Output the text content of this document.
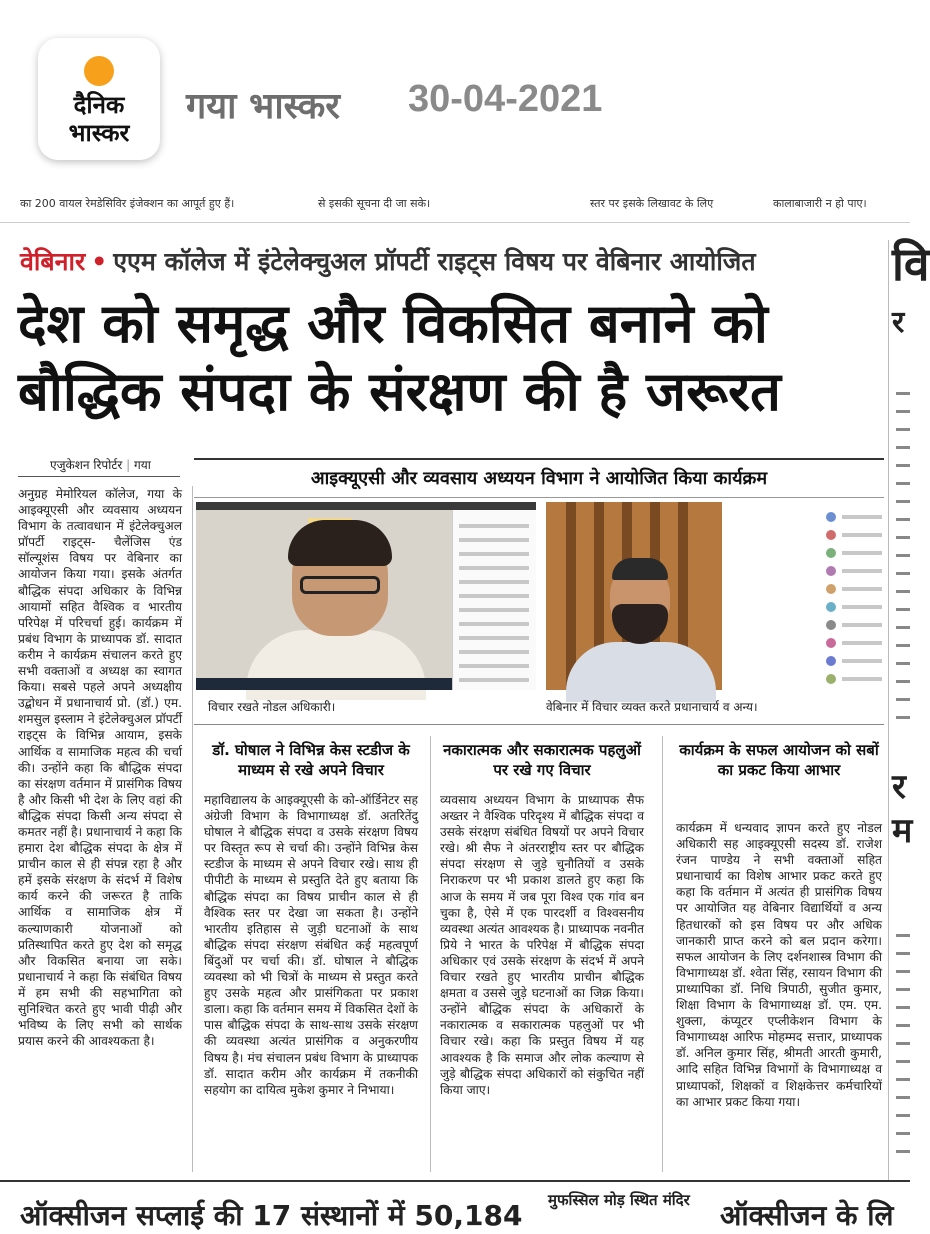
दैनिक
भास्कर
गया भास्कर 30-04-2021
का 200 वायल रेमडेसिविर इंजेक्शन का आपूर्त हुए हैं।	से इसकी सूचना दी जा सके।	स्तर पर इसके लिखावट के लिए	कालाबाजारी न हो पाए।
वेबिनार • एएम कॉलेज में इंटेलेक्चुअल प्रॉपर्टी राइट्स विषय पर वेबिनार आयोजित
देश को समृद्ध और विकसित बनाने को बौद्धिक संपदा के संरक्षण की है जरूरत
एजुकेशन रिपोर्टर | गया
आइक्यूएसी और व्यवसाय अध्ययन विभाग ने आयोजित किया कार्यक्रम
विचार रखते नोडल अधिकारी।	वेबिनार में विचार व्यक्त करते प्रधानाचार्य व अन्य।
अनुग्रह मेमोरियल कॉलेज, गया के आइक्यूएसी और व्यवसाय अध्ययन विभाग के तत्वावधान में इंटेलेक्चुअल प्रॉपर्टी राइट्स- चैलेंजिस एंड सॉल्यूशंस विषय पर वेबिनार का आयोजन किया गया। इसके अंतर्गत बौद्धिक संपदा अधिकार के विभिन्न आयामों सहित वैश्विक व भारतीय परिपेक्ष में परिचर्चा हुई। कार्यक्रम में प्रबंध विभाग के प्राध्यापक डॉ. सादात करीम ने कार्यक्रम संचालन करते हुए सभी वक्ताओं व अध्यक्ष का स्वागत किया। सबसे पहले अपने अध्यक्षीय उद्बोधन में प्रधानाचार्य प्रो. (डॉ.) एम. शमसुल इस्लाम ने इंटेलेक्चुअल प्रॉपर्टी राइट्स के विभिन्न आयाम, इसके आर्थिक व सामाजिक महत्व की चर्चा की। उन्होंने कहा कि बौद्धिक संपदा का संरक्षण वर्तमान में प्रासंगिक विषय है और किसी भी देश के लिए वहां की बौद्धिक संपदा किसी अन्य संपदा से कमतर नहीं है। प्रधानाचार्य ने कहा कि हमारा देश बौद्धिक संपदा के क्षेत्र में प्राचीन काल से ही संपन्न रहा है और हमें इसके संरक्षण के संदर्भ में विशेष कार्य करने की जरूरत है ताकि आर्थिक व सामाजिक क्षेत्र में कल्याणकारी योजनाओं को प्रतिस्थापित करते हुए देश को समृद्ध और विकसित बनाया जा सके। प्रधानाचार्य ने कहा कि संबंधित विषय में हम सभी की सहभागिता को सुनिश्चित करते हुए भावी पीढ़ी और भविष्य के लिए सभी को सार्थक प्रयास करने की आवश्यकता है।
डॉ. घोषाल ने विभिन्न केस स्टडीज के माध्यम से रखे अपने विचार
महाविद्यालय के आइक्यूएसी के को-ऑर्डिनेटर सह अंग्रेजी विभाग के विभागाध्यक्ष डॉ. अतरितेंदु घोषाल ने बौद्धिक संपदा व उसके संरक्षण विषय पर विस्तृत रूप से चर्चा की। उन्होंने विभिन्न केस स्टडीज के माध्यम से अपने विचार रखे। साथ ही पीपीटी के माध्यम से प्रस्तुति देते हुए बताया कि बौद्धिक संपदा का विषय प्राचीन काल से ही वैश्विक स्तर पर देखा जा सकता है। उन्होंने भारतीय इतिहास से जुड़ी घटनाओं के साथ बौद्धिक संपदा संरक्षण संबंधित कई महत्वपूर्ण बिंदुओं पर चर्चा की। डॉ. घोषाल ने बौद्धिक व्यवस्था को भी चित्रों के माध्यम से प्रस्तुत करते हुए उसके महत्व और प्रासंगिकता पर प्रकाश डाला। कहा कि वर्तमान समय में विकसित देशों के पास बौद्धिक संपदा के साथ-साथ उसके संरक्षण की व्यवस्था अत्यंत प्रासंगिक व अनुकरणीय विषय है। मंच संचालन प्रबंध विभाग के प्राध्यापक डॉ. सादात करीम और कार्यक्रम में तकनीकी सहयोग का दायित्व मुकेश कुमार ने निभाया।
नकारात्मक और सकारात्मक पहलुओं पर रखे गए विचार
व्यवसाय अध्ययन विभाग के प्राध्यापक सैफ अख्तर ने वैश्विक परिदृश्य में बौद्धिक संपदा व उसके संरक्षण संबंधित विषयों पर अपने विचार रखे। श्री सैफ ने अंतरराष्ट्रीय स्तर पर बौद्धिक संपदा संरक्षण से जुड़े चुनौतियों व उसके निराकरण पर भी प्रकाश डालते हुए कहा कि आज के समय में जब पूरा विश्व एक गांव बन चुका है, ऐसे में एक पारदर्शी व विश्वसनीय व्यवस्था अत्यंत आवश्यक है। प्राध्यापक नवनीत प्रिये ने भारत के परिपेक्ष में बौद्धिक संपदा अधिकार एवं उसके संरक्षण के संदर्भ में अपने विचार रखते हुए भारतीय प्राचीन बौद्धिक क्षमता व उससे जुड़े घटनाओं का जिक्र किया। उन्होंने बौद्धिक संपदा के अधिकारों के नकारात्मक व सकारात्मक पहलुओं पर भी विचार रखे। कहा कि प्रस्तुत विषय में यह आवश्यक है कि समाज और लोक कल्याण से जुड़े बौद्धिक संपदा अधिकारों को संकुचित नहीं किया जाए।
कार्यक्रम के सफल आयोजन को सबों का प्रकट किया आभार
कार्यक्रम में धन्यवाद ज्ञापन करते हुए नोडल अधिकारी सह आइक्यूएसी सदस्य डॉ. राजेश रंजन पाण्डेय ने सभी वक्ताओं सहित प्रधानाचार्य का विशेष आभार प्रकट करते हुए कहा कि वर्तमान में अत्यंत ही प्रासंगिक विषय पर आयोजित यह वेबिनार विद्यार्थियों व अन्य हितधारकों को इस विषय पर और अधिक जानकारी प्राप्त करने को बल प्रदान करेगा। सफल आयोजन के लिए दर्शनशास्त्र विभाग की विभागाध्यक्ष डॉ. श्वेता सिंह, रसायन विभाग की प्राध्यापिका डॉ. निधि त्रिपाठी, सुजीत कुमार, शिक्षा विभाग के विभागाध्यक्ष डॉ. एम. एम. शुक्ला, कंप्यूटर एप्लीकेशन विभाग के विभागाध्यक्ष आरिफ मोहम्मद सत्तार, प्राध्यापक डॉ. अनिल कुमार सिंह, श्रीमती आरती कुमारी, आदि सहित विभिन्न विभागों के विभागाध्यक्ष व प्राध्यापकों, शिक्षकों व शिक्षकेत्तर कर्मचारियों का आभार प्रकट किया गया।
वि
र
र
म
ऑक्सीजन सप्लाई की 17 संस्थानों में 50,184 मुफस्सिल मोड़ स्थित मंदिर ऑक्सीजन के लि
